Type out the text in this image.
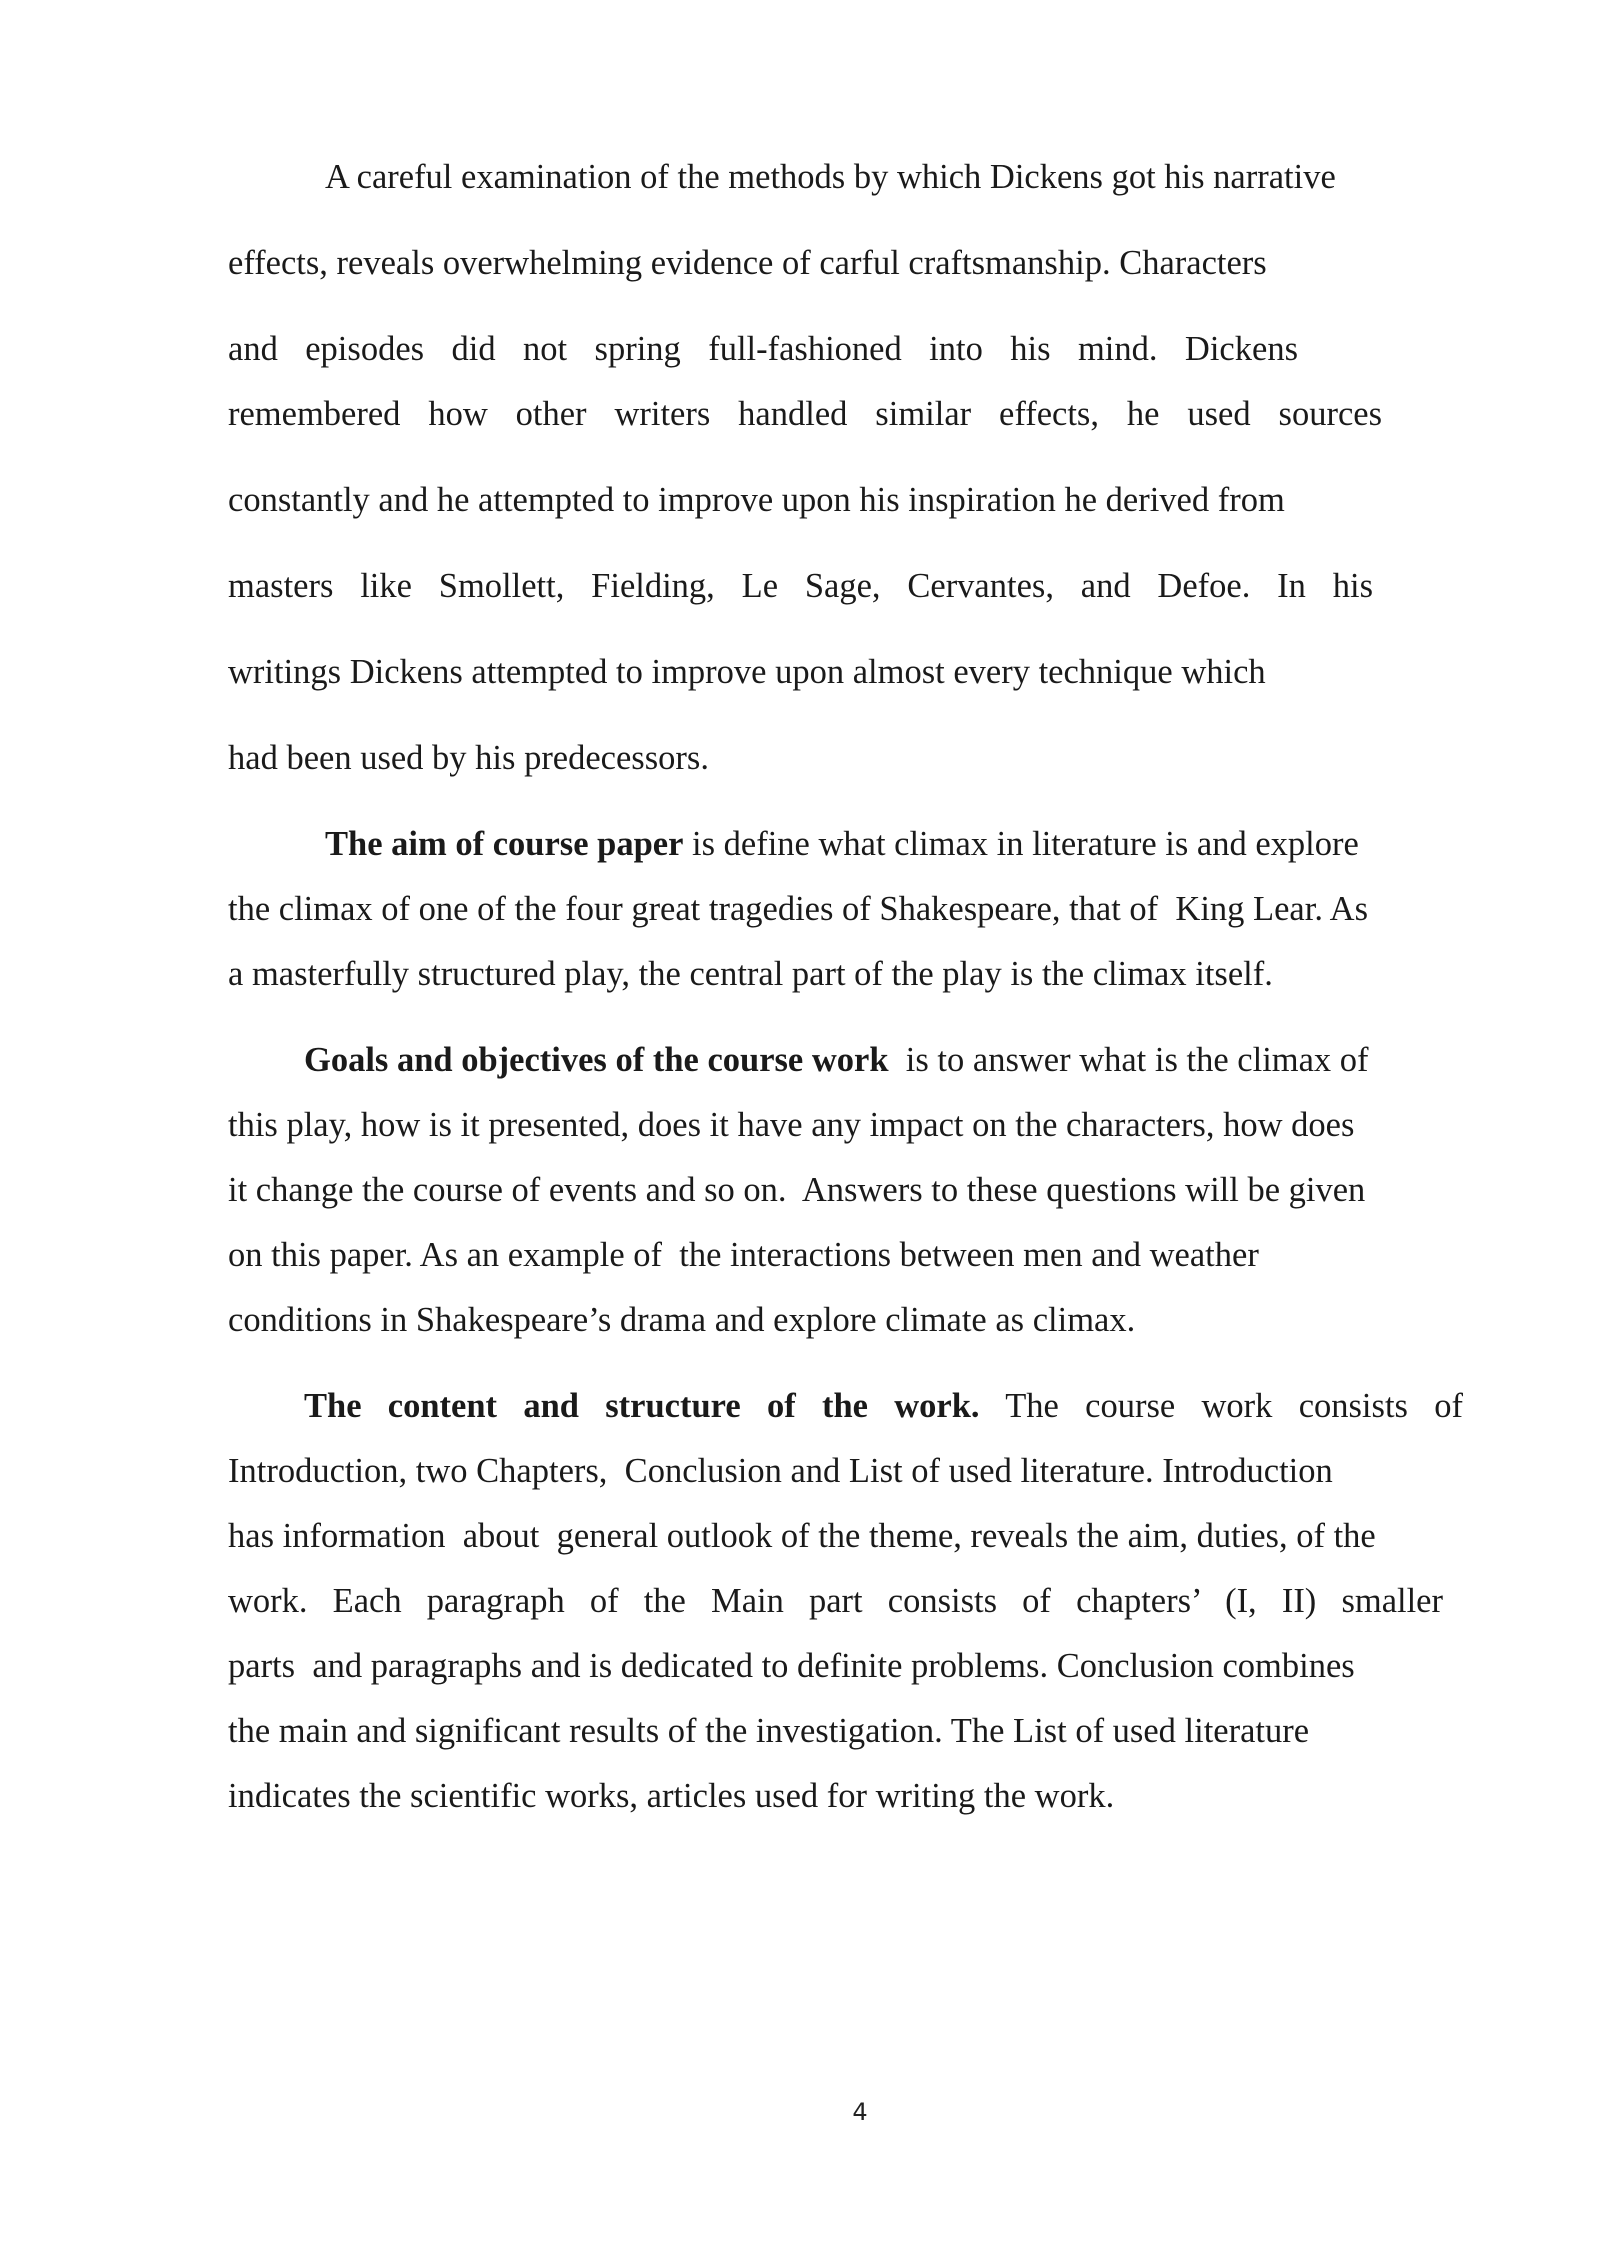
A careful examination of the methods by which Dickens got his narrative
effects, reveals overwhelming evidence of carful craftsmanship. Characters
and episodes did not spring full-fashioned into his mind. Dickens
remembered how other writers handled similar effects, he used sources
constantly and he attempted to improve upon his inspiration he derived from
masters like Smollett, Fielding, Le Sage, Cervantes, and Defoe. In his
writings Dickens attempted to improve upon almost every technique which
had been used by his predecessors.
The aim of course paper is define what climax in literature is and explore
the climax of one of the four great tragedies of Shakespeare, that of  King Lear. As
a masterfully structured play, the central part of the play is the climax itself.
Goals and objectives of the course work  is to answer what is the climax of
this play, how is it presented, does it have any impact on the characters, how does
it change the course of events and so on.  Answers to these questions will be given
on this paper. As an example of  the interactions between men and weather
conditions in Shakespeare’s drama and explore climate as climax.
The content and structure of the work. The course work consists of
Introduction, two Chapters,  Conclusion and List of used literature. Introduction
has information  about  general outlook of the theme, reveals the aim, duties, of the
work. Each paragraph of the Main part consists of chapters’ (I, II) smaller
parts  and paragraphs and is dedicated to definite problems. Conclusion combines
the main and significant results of the investigation. The List of used literature
indicates the scientific works, articles used for writing the work.
4
